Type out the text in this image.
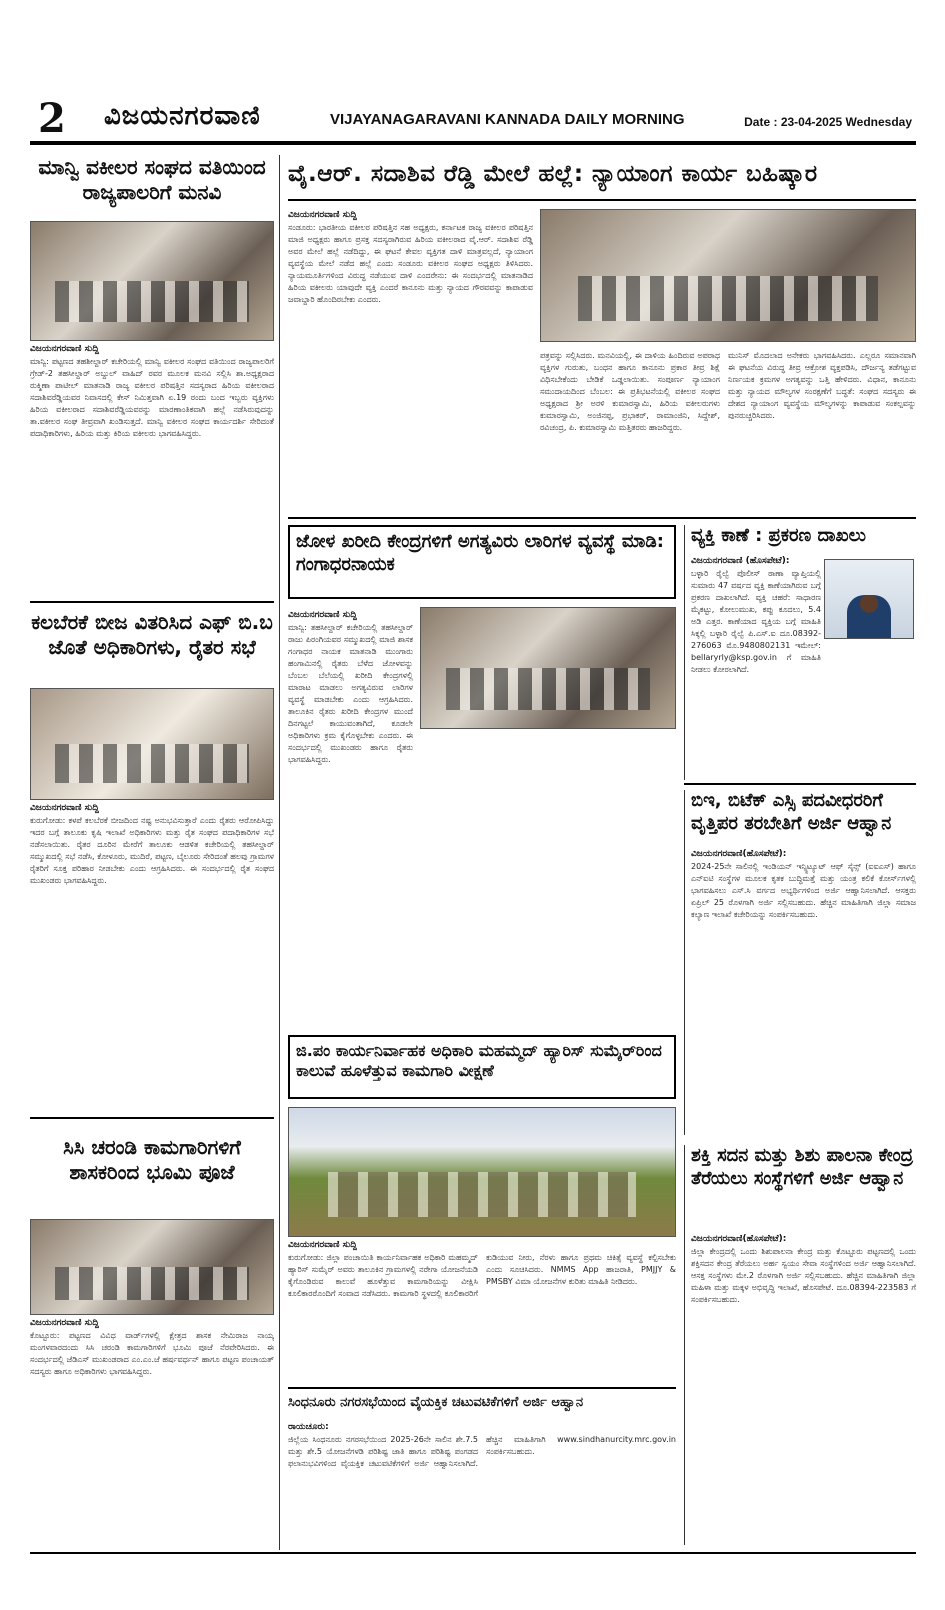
2 ವಿಜಯನಗರವಾಣಿ	VIJAYANAGARAVANI KANNADA DAILY MORNING	Date : 23-04-2025 Wednesday
ಮಾನ್ವಿ ವಕೀಲರ ಸಂಘದ ವತಿಯಿಂದ ರಾಜ್ಯಪಾಲರಿಗೆ ಮನವಿ
ವಿಜಯನಗರವಾಣಿ ಸುದ್ದಿ
ಮಾನ್ವಿ: ಪಟ್ಟಣದ ತಹಶೀಲ್ದಾರ್ ಕಚೇರಿಯಲ್ಲಿ ಮಾನ್ವಿ ವಕೀಲರ ಸಂಘದ ವತಿಯಿಂದ ರಾಜ್ಯಪಾಲರಿಗೆ ಗ್ರೇಡ್-2 ತಹಸೀಲ್ದಾರ್ ಅಬ್ದುಲ್ ವಾಹಿದ್ ರವರ ಮೂಲಕ ಮನವಿ ಸಲ್ಲಿಸಿ ಶಾ.ಅಧ್ಯಕ್ಷರಾದ ರುಕ್ಮಿಣಾ ಪಾಟೀಲ್ ಮಾತನಾಡಿ ರಾಜ್ಯ ವಕೀಲರ ಪರಿಷತ್ತಿನ ಸದಸ್ಯರಾದ ಹಿರಿಯ ವಕೀಲರಾದ ಸದಾಶಿವರೆಡ್ಡಿಯವರ ನಿವಾಸದಲ್ಲಿ ಕೇಸ್ ನಿಮಿತ್ತವಾಗಿ ಏ.19 ರಂದು ಬಂದ ಇಬ್ಬರು ವ್ಯಕ್ತಿಗಳು ಹಿರಿಯ ವಕೀಲರಾದ ಸದಾಶಿವರೆಡ್ಡಿಯವರನ್ನು ಮಾರಣಾಂತಿಕವಾಗಿ ಹಲ್ಲೆ ನಡೆಸಿರುವುದನ್ನು ತಾ.ವಕೀಲರ ಸಂಘ ತೀವ್ರವಾಗಿ ಖಂಡಿಸುತ್ತದೆ. ಮಾನ್ವಿ ವಕೀಲರ ಸಂಘದ ಕಾರ್ಯದರ್ಶಿ ಸೇರಿದಂತೆ ಪದಾಧಿಕಾರಿಗಳು, ಹಿರಿಯ ಮತ್ತು ಕಿರಿಯ ವಕೀಲರು ಭಾಗವಹಿಸಿದ್ದರು.
ಕಲಬೆರಕೆ ಬೀಜ ವಿತರಿಸಿದ ಎಫ್ ಬಿ.ಬ ಜೊತೆ ಅಧಿಕಾರಿಗಳು, ರೈತರ ಸಭೆ
ವಿಜಯನಗರವಾಣಿ ಸುದ್ದಿ
ಕುರುಗೋಡು: ಕಳಪೆ ಕಲಬೆರಕೆ ಬೀಜದಿಂದ ನಷ್ಟ ಅನುಭವಿಸುತ್ತಾರೆ ಎಂದು ರೈತರು ಆರೋಪಿಸಿದ್ದು ಇದರ ಬಗ್ಗೆ ತಾಲೂಕು ಕೃಷಿ ಇಲಾಖೆ ಅಧಿಕಾರಿಗಳು ಮತ್ತು ರೈತ ಸಂಘದ ಪದಾಧಿಕಾರಿಗಳ ಸಭೆ ನಡೆಸಲಾಯಿತು. ರೈತರ ದೂರಿನ ಮೇರೆಗೆ ತಾಲೂಕು ಆಡಳಿತ ಕಚೇರಿಯಲ್ಲಿ ತಹಸೀಲ್ದಾರ್ ಸಮ್ಮುಖದಲ್ಲಿ ಸಭೆ ನಡೆಸಿ, ಕೋಳೂರು, ಮುದಿರೆ, ಪಟ್ಟಣ, ಬೈಲೂರು ಸೇರಿದಂತೆ ಹಲವು ಗ್ರಾಮಗಳ ರೈತರಿಗೆ ಸೂಕ್ತ ಪರಿಹಾರ ನೀಡಬೇಕು ಎಂದು ಆಗ್ರಹಿಸಿದರು. ಈ ಸಂದರ್ಭದಲ್ಲಿ ರೈತ ಸಂಘದ ಮುಖಂಡರು ಭಾಗವಹಿಸಿದ್ದರು.
ಸಿಸಿ ಚರಂಡಿ ಕಾಮಗಾರಿಗಳಿಗೆ ಶಾಸಕರಿಂದ ಭೂಮಿ ಪೂಜೆ
ವಿಜಯನಗರವಾಣಿ ಸುದ್ದಿ
ಕೊಟ್ಟೂರು: ಪಟ್ಟಣದ ವಿವಿಧ ವಾರ್ಡ್‌ಗಳಲ್ಲಿ ಕ್ಷೇತ್ರದ ಶಾಸಕ ನೇಮಿರಾಜ ನಾಯ್ಕ ಮಂಗಳವಾರದಂದು ಸಿಸಿ ಚರಂಡಿ ಕಾಮಗಾರಿಗಳಿಗೆ ಭೂಮಿ ಪೂಜೆ ನೆರವೇರಿಸಿದರು. ಈ ಸಂದರ್ಭದಲ್ಲಿ ಜೆಡಿಎಸ್ ಮುಖಂಡರಾದ ಎಂ.ಎಂ.ಜೆ ಹರ್ಷವರ್ಧನ್ ಹಾಗೂ ಪಟ್ಟಣ ಪಂಚಾಯತ್ ಸದಸ್ಯರು ಹಾಗೂ ಅಧಿಕಾರಿಗಳು ಭಾಗವಹಿಸಿದ್ದರು.
ವೈ.ಆರ್. ಸದಾಶಿವ ರೆಡ್ಡಿ ಮೇಲೆ ಹಲ್ಲೆ: ನ್ಯಾಯಾಂಗ ಕಾರ್ಯ ಬಹಿಷ್ಕಾರ
ವಿಜಯನಗರವಾಣಿ ಸುದ್ದಿ
ಸಂಡೂರು: ಭಾರತೀಯ ವಕೀಲರ ಪರಿಷತ್ತಿನ ಸಹ ಅಧ್ಯಕ್ಷರು, ಕರ್ನಾಟಕ ರಾಜ್ಯ ವಕೀಲರ ಪರಿಷತ್ತಿನ ಮಾಜಿ ಅಧ್ಯಕ್ಷರು ಹಾಗೂ ಪ್ರಸಕ್ತ ಸದಸ್ಯರಾಗಿರುವ ಹಿರಿಯ ವಕೀಲರಾದ ವೈ.ಆರ್. ಸದಾಶಿವ ರೆಡ್ಡಿ ಅವರ ಮೇಲೆ ಹಲ್ಲೆ ನಡೆದಿದ್ದು, ಈ ಘಟನೆ ಕೇವಲ ವ್ಯಕ್ತಿಗತ ದಾಳಿ ಮಾತ್ರವಲ್ಲದೆ, ನ್ಯಾಯಾಂಗ ವ್ಯವಸ್ಥೆಯ ಮೇಲೆ ನಡೆದ ಹಲ್ಲೆ ಎಂದು ಸಂಡೂರು ವಕೀಲರ ಸಂಘದ ಅಧ್ಯಕ್ಷರು ತಿಳಿಸಿದರು. ನ್ಯಾಯಮೂರ್ತಿಗಳಿಂದ ವಿರುದ್ಧ ನಡೆಯುವ ದಾಳಿ ಎಂದರೇನು: ಈ ಸಂದರ್ಭದಲ್ಲಿ ಮಾತನಾಡಿದ ಹಿರಿಯ ವಕೀಲರು ಯಾವುದೇ ವ್ಯಕ್ತಿ ಎಂದರೆ ಕಾನೂನು ಮತ್ತು ನ್ಯಾಯದ ಗೌರವವನ್ನು ಕಾಪಾಡುವ ಜವಾಬ್ದಾರಿ ಹೊಂದಿರಬೇಕು ಎಂದರು.
ಪತ್ರವನ್ನು ಸಲ್ಲಿಸಿದರು. ಮನವಿಯಲ್ಲಿ, ಈ ದಾಳಿಯ ಹಿಂದಿರುವ ಅಪರಾಧ ವ್ಯಕ್ತಿಗಳ ಗುರುತು, ಬಂಧನ ಹಾಗೂ ಕಾನೂನು ಪ್ರಕಾರ ತೀವ್ರ ಶಿಕ್ಷೆ ವಿಧಿಸಬೇಕೆಂದು ಬೇಡಿಕೆ ಒಡ್ಡಲಾಯಿತು. ಸಂಪೂರ್ಣ ನ್ಯಾಯಾಂಗ ಸಮುದಾಯದಿಂದ ಬೆಂಬಲ: ಈ ಪ್ರತಿಭಟನೆಯಲ್ಲಿ ವಕೀಲರ ಸಂಘದ ಅಧ್ಯಕ್ಷರಾದ ಶ್ರೀ ಅರಳಿ ಕುಮಾರಸ್ವಾಮಿ, ಹಿರಿಯ ವಕೀಲರುಗಳು ಕುಮಾರಸ್ವಾಮಿ, ಅಂಜಿನಪ್ಪ, ಪ್ರಭಾಕರ್, ರಾಮಾಂಜಿನಿ, ಸಿದ್ದೇಶ್, ರವಿಚಂದ್ರ, ಪಿ. ಕುಮಾರಸ್ವಾಮಿ ಮತ್ತಿತರರು ಹಾಜರಿದ್ದರು.
ಮುನಿಸ್ ಮೊದಲಾದ ಅನೇಕರು ಭಾಗವಹಿಸಿದರು. ಎಲ್ಲರೂ ಸಮಾನವಾಗಿ ಈ ಘಟನೆಯ ವಿರುದ್ಧ ತೀವ್ರ ಆಕ್ರೋಶ ವ್ಯಕ್ತಪಡಿಸಿ, ದೌರ್ಜನ್ಯ ತಡೆಗಟ್ಟುವ ನಿರ್ಣಯಕ ಕ್ರಮಗಳ ಅಗತ್ಯವನ್ನು ಒತ್ತಿ ಹೇಳಿದರು. ವಿಧಾನ, ಕಾನೂನು ಮತ್ತು ನ್ಯಾಯದ ಮೌಲ್ಯಗಳ ಸಂರಕ್ಷಣೆಗೆ ಬದ್ಧತೆ: ಸಂಘದ ಸದಸ್ಯರು ಈ ದೇಶದ ನ್ಯಾಯಾಂಗ ವ್ಯವಸ್ಥೆಯ ಮೌಲ್ಯಗಳನ್ನು ಕಾಪಾಡುವ ಸಂಕಲ್ಪವನ್ನು ಪುನರುಚ್ಚರಿಸಿದರು.
ಜೋಳ ಖರೀದಿ ಕೇಂದ್ರಗಳಿಗೆ ಅಗತ್ಯವಿರು ಲಾರಿಗಳ ವ್ಯವಸ್ಥೆ ಮಾಡಿ: ಗಂಗಾಧರನಾಯಕ
ವಿಜಯನಗರವಾಣಿ ಸುದ್ದಿ
ಮಾನ್ವಿ: ತಹಸೀಲ್ದಾರ್ ಕಚೇರಿಯಲ್ಲಿ ತಹಸೀಲ್ದಾರ್ ರಾಜು ಪಿರಂಗಿಯವರ ಸಮ್ಮುಖದಲ್ಲಿ ಮಾಜಿ ಶಾಸಕ ಗಂಗಾಧರ ನಾಯಕ ಮಾತನಾಡಿ ಮುಂಗಾರು ಹಂಗಾಮಿನಲ್ಲಿ ರೈತರು ಬೆಳೆದ ಜೋಳವನ್ನು ಬೆಂಬಲ ಬೆಲೆಯಲ್ಲಿ ಖರೀದಿ ಕೇಂದ್ರಗಳಲ್ಲಿ ಮಾರಾಟ ಮಾಡಲು ಅಗತ್ಯವಿರುವ ಲಾರಿಗಳ ವ್ಯವಸ್ಥೆ ಮಾಡಬೇಕು ಎಂದು ಆಗ್ರಹಿಸಿದರು. ತಾಲೂಕಿನ ರೈತರು ಖರೀದಿ ಕೇಂದ್ರಗಳ ಮುಂದೆ ದಿನಗಟ್ಟಲೆ ಕಾಯುವಂತಾಗಿದೆ, ಕೂಡಲೇ ಅಧಿಕಾರಿಗಳು ಕ್ರಮ ಕೈಗೊಳ್ಳಬೇಕು ಎಂದರು. ಈ ಸಂದರ್ಭದಲ್ಲಿ ಮುಖಂಡರು ಹಾಗೂ ರೈತರು ಭಾಗವಹಿಸಿದ್ದರು.
ವ್ಯಕ್ತಿ ಕಾಣೆ : ಪ್ರಕರಣ ದಾಖಲು
ವಿಜಯನಗರವಾಣಿ (ಹೊಸಪೇಟೆ):
ಬಳ್ಳಾರಿ ರೈಲ್ವೆ ಪೊಲೀಸ್ ಠಾಣಾ ವ್ಯಾಪ್ತಿಯಲ್ಲಿ ಸುಮಾರು 47 ವರ್ಷದ ವ್ಯಕ್ತಿ ಕಾಣೆಯಾಗಿರುವ ಬಗ್ಗೆ ಪ್ರಕರಣ ದಾಖಲಾಗಿದೆ. ವ್ಯಕ್ತಿ ಚಹರೆ: ಸಾಧಾರಣ ಮೈಕಟ್ಟು, ಕೋಲುಮುಖ, ಕಪ್ಪು ಕೂದಲು, 5.4 ಅಡಿ ಎತ್ತರ. ಕಾಣೆಯಾದ ವ್ಯಕ್ತಿಯ ಬಗ್ಗೆ ಮಾಹಿತಿ ಸಿಕ್ಕಲ್ಲಿ ಬಳ್ಳಾರಿ ರೈಲ್ವೆ ಪಿ.ಎಸ್.ಐ ದೂ.08392-276063 ಮೊ.9480802131 ಇಮೇಲ್: bellaryrly@ksp.gov.in ಗೆ ಮಾಹಿತಿ ನೀಡಲು ಕೋರಲಾಗಿದೆ.
ಬಿಇ, ಬಿಟೆಕ್ ಎಸ್ಸಿ ಪದವೀಧರರಿಗೆ ವೃತ್ತಿಪರ ತರಬೇತಿಗೆ ಅರ್ಜಿ ಆಹ್ವಾನ
ವಿಜಯನಗರವಾಣಿ(ಹೊಸಪೇಟೆ):
2024-25ನೇ ಸಾಲಿನಲ್ಲಿ ಇಂಡಿಯನ್ ಇನ್ಸ್ಟಿಟ್ಯೂಟ್ ಆಫ್ ಸೈನ್ಸ್ (ಐಐಎಸ್) ಹಾಗೂ ಎನ್‌ಐಟಿ ಸಂಸ್ಥೆಗಳ ಮೂಲಕ ಕೃತಕ ಬುದ್ಧಿಮತ್ತೆ ಮತ್ತು ಯಂತ್ರ ಕಲಿಕೆ ಕೋರ್ಸ್‌ಗಳಲ್ಲಿ ಭಾಗವಹಿಸಲು ಎಸ್.ಸಿ ವರ್ಗದ ಅಭ್ಯರ್ಥಿಗಳಿಂದ ಅರ್ಜಿ ಆಹ್ವಾನಿಸಲಾಗಿದೆ. ಆಸಕ್ತರು ಏಪ್ರಿಲ್ 25 ರೊಳಗಾಗಿ ಅರ್ಜಿ ಸಲ್ಲಿಸಬಹುದು. ಹೆಚ್ಚಿನ ಮಾಹಿತಿಗಾಗಿ ಜಿಲ್ಲಾ ಸಮಾಜ ಕಲ್ಯಾಣ ಇಲಾಖೆ ಕಚೇರಿಯನ್ನು ಸಂಪರ್ಕಿಸಬಹುದು.
ಜಿ.ಪಂ ಕಾರ್ಯನಿರ್ವಾಹಕ ಅಧಿಕಾರಿ ಮಹಮ್ಮದ್ ಹ್ಯಾರಿಸ್ ಸುಮೈರ್‌ರಿಂದ ಕಾಲುವೆ ಹೂಳೆತ್ತುವ ಕಾಮಗಾರಿ ವೀಕ್ಷಣೆ
ವಿಜಯನಗರವಾಣಿ ಸುದ್ದಿ
ಕುರುಗೋಡು: ಜಿಲ್ಲಾ ಪಂಚಾಯಿತಿ ಕಾರ್ಯನಿರ್ವಾಹಕ ಅಧಿಕಾರಿ ಮಹಮ್ಮದ್ ಹ್ಯಾರಿಸ್ ಸುಮೈರ್ ಅವರು ತಾಲೂಕಿನ ಗ್ರಾಮಗಳಲ್ಲಿ ನರೇಗಾ ಯೋಜನೆಯಡಿ ಕೈಗೊಂಡಿರುವ ಕಾಲುವೆ ಹೂಳೆತ್ತುವ ಕಾಮಗಾರಿಯನ್ನು ವೀಕ್ಷಿಸಿ ಕೂಲಿಕಾರರೊಂದಿಗೆ ಸಂವಾದ ನಡೆಸಿದರು. ಕಾಮಗಾರಿ ಸ್ಥಳದಲ್ಲಿ ಕೂಲಿಕಾರರಿಗೆ ಕುಡಿಯುವ ನೀರು, ನೆರಳು ಹಾಗೂ ಪ್ರಥಮ ಚಿಕಿತ್ಸೆ ವ್ಯವಸ್ಥೆ ಕಲ್ಪಿಸಬೇಕು ಎಂದು ಸೂಚಿಸಿದರು. NMMS App ಹಾಜರಾತಿ, PMJJY & PMSBY ವಿಮಾ ಯೋಜನೆಗಳ ಕುರಿತು ಮಾಹಿತಿ ನೀಡಿದರು.
ಶಕ್ತಿ ಸದನ ಮತ್ತು ಶಿಶು ಪಾಲನಾ ಕೇಂದ್ರ ತೆರೆಯಲು ಸಂಸ್ಥೆಗಳಿಗೆ ಅರ್ಜಿ ಆಹ್ವಾನ
ವಿಜಯನಗರವಾಣಿ(ಹೊಸಪೇಟೆ):
ಜಿಲ್ಲಾ ಕೇಂದ್ರದಲ್ಲಿ ಒಂದು ಶಿಶುಪಾಲನಾ ಕೇಂದ್ರ ಮತ್ತು ಕೊಟ್ಟೂರು ಪಟ್ಟಣದಲ್ಲಿ ಒಂದು ಶಕ್ತಿಸದನ ಕೇಂದ್ರ ತೆರೆಯಲು ಅರ್ಹ ಸ್ವಯಂ ಸೇವಾ ಸಂಸ್ಥೆಗಳಿಂದ ಅರ್ಜಿ ಆಹ್ವಾನಿಸಲಾಗಿದೆ. ಆಸಕ್ತ ಸಂಸ್ಥೆಗಳು ಮೇ.2 ರೊಳಗಾಗಿ ಅರ್ಜಿ ಸಲ್ಲಿಸಬಹುದು. ಹೆಚ್ಚಿನ ಮಾಹಿತಿಗಾಗಿ ಜಿಲ್ಲಾ ಮಹಿಳಾ ಮತ್ತು ಮಕ್ಕಳ ಅಭಿವೃದ್ಧಿ ಇಲಾಖೆ, ಹೊಸಪೇಟೆ. ದೂ.08394-223583 ಗೆ ಸಂಪರ್ಕಿಸಬಹುದು.
ಸಿಂಧನೂರು ನಗರಸಭೆಯಿಂದ ವೈಯಕ್ತಿಕ ಚಟುವಟಿಕೆಗಳಿಗೆ ಅರ್ಜಿ ಆಹ್ವಾನ
ರಾಯಚೂರು:
ಜಿಲ್ಲೆಯ ಸಿಂಧನೂರು ನಗರಸಭೆಯಿಂದ 2025-26ನೇ ಸಾಲಿನ ಶೇ.7.5 ಮತ್ತು ಶೇ.5 ಯೋಜನೆಗಳಡಿ ಪರಿಶಿಷ್ಟ ಜಾತಿ ಹಾಗೂ ಪರಿಶಿಷ್ಟ ಪಂಗಡದ ಫಲಾನುಭವಿಗಳಿಂದ ವೈಯಕ್ತಿಕ ಚಟುವಟಿಕೆಗಳಿಗೆ ಅರ್ಜಿ ಆಹ್ವಾನಿಸಲಾಗಿದೆ. ಹೆಚ್ಚಿನ ಮಾಹಿತಿಗಾಗಿ www.sindhanurcity.mrc.gov.in ಸಂಪರ್ಕಿಸಬಹುದು.
